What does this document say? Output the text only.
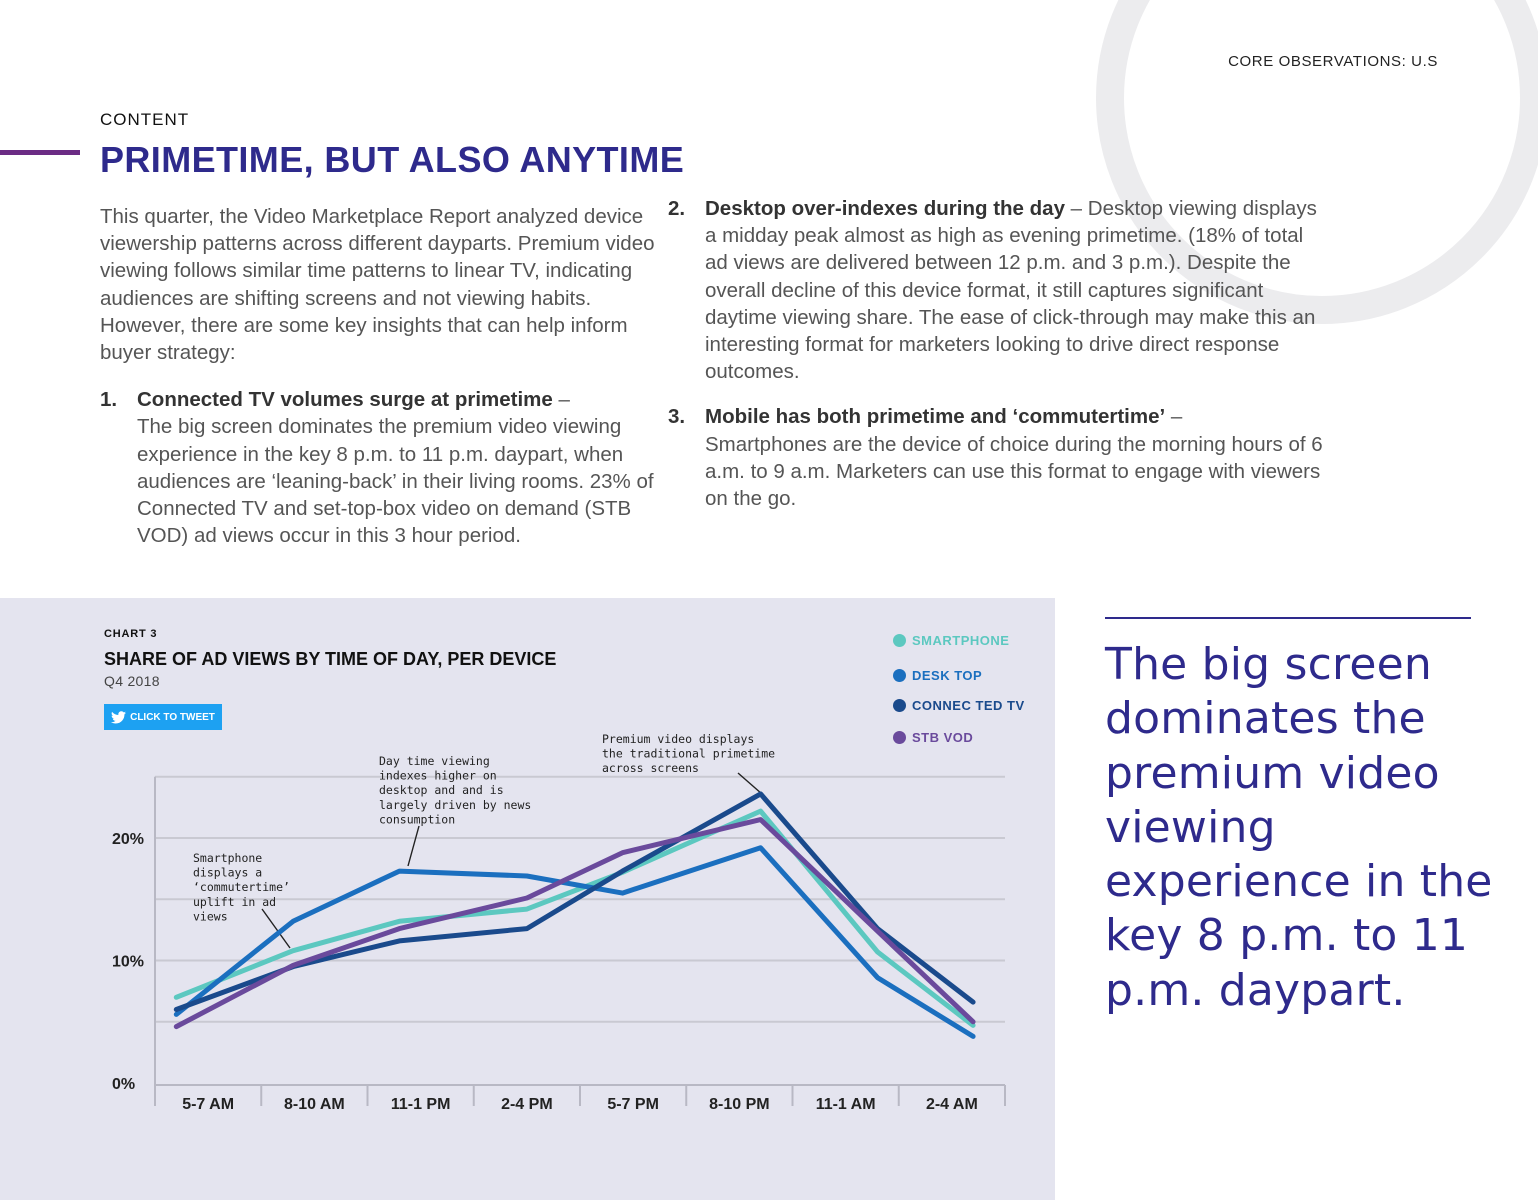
CORE OBSERVATIONS: U.S
CONTENT
PRIMETIME, BUT ALSO ANYTIME

This quarter, the Video Marketplace Report analyzed device viewership patterns across different dayparts. Premium video viewing follows similar time patterns to linear TV, indicating audiences are shifting screens and not viewing habits. However, there are some key insights that can help inform buyer strategy:

1. Connected TV volumes surge at primetime –
The big screen dominates the premium video viewing experience in the key 8 p.m. to 11 p.m. daypart, when audiences are ‘leaning-back’ in their living rooms. 23% of Connected TV and set-top-box video on demand (STB VOD) ad views occur in this 3 hour period.
2. Desktop over-indexes during the day – Desktop viewing displays a midday peak almost as high as evening primetime. (18% of total ad views are delivered between 12 p.m. and 3 p.m.). Despite the overall decline of this device format, it still captures significant daytime viewing share. The ease of click-through may make this an interesting format for marketers looking to drive direct response outcomes.
3. Mobile has both primetime and ‘commutertime’ –
Smartphones are the device of choice during the morning hours of 6 a.m. to 9 a.m. Marketers can use this format to engage with viewers on the go.
0%
10%
20%
5-7 AM	8-10 AM	11-1 PM	2-4 PM	5-7 PM	8-10 PM	11-1 AM	2-4 AM
Smartphone displays a ‘commutertime’ uplift in ad views
Day time viewing indexes higher on desktop and and is largely driven by news consumption
Premium video displays the traditional primetime across screens
CHART 3
SHARE OF AD VIEWS BY TIME OF DAY, PER DEVICE
Q4 2018
CLICK TO TWEET
SMARTPHONE
DESK TOP
CONNEC TED TV
STB VOD

The big screen dominates the premium video viewing experience in the key 8 p.m. to 11 p.m. daypart.
